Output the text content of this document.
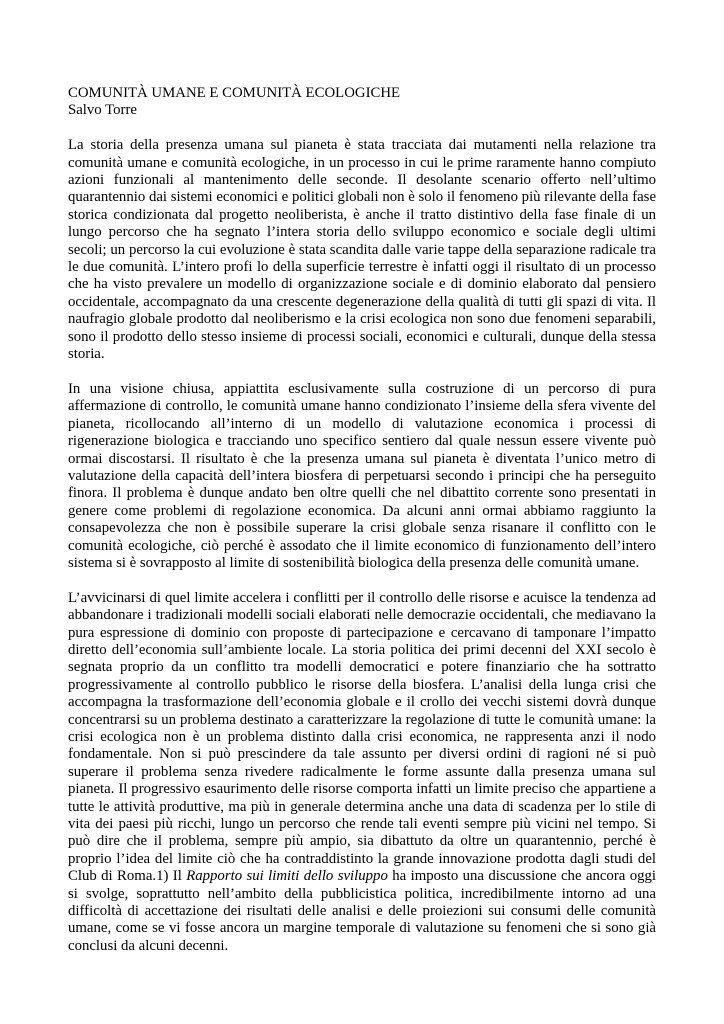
COMUNITÀ UMANE E COMUNITÀ ECOLOGICHE
Salvo Torre

La storia della presenza umana sul pianeta è stata tracciata dai mutamenti nella relazione tra comunità umane e comunità ecologiche, in un processo in cui le prime raramente hanno compiuto azioni funzionali al mantenimento delle seconde. Il desolante scenario offerto nell’ultimo quarantennio dai sistemi economici e politici globali non è solo il fenomeno più rilevante della fase storica condizionata dal progetto neoliberista, è anche il tratto distintivo della fase finale di un lungo percorso che ha segnato l’intera storia dello sviluppo economico e sociale degli ultimi secoli; un percorso la cui evoluzione è stata scandita dalle varie tappe della separazione radicale tra le due comunità. L’intero profi lo della superficie terrestre è infatti oggi il risultato di un processo che ha visto prevalere un modello di organizzazione sociale e di dominio elaborato dal pensiero occidentale, accompagnato da una crescente degenerazione della qualità di tutti gli spazi di vita. Il naufragio globale prodotto dal neoliberismo e la crisi ecologica non sono due fenomeni separabili, sono il prodotto dello stesso insieme di processi sociali, economici e culturali, dunque della stessa storia.

In una visione chiusa, appiattita esclusivamente sulla costruzione di un percorso di pura affermazione di controllo, le comunità umane hanno condizionato l’insieme della sfera vivente del pianeta, ricollocando all’interno di un modello di valutazione economica i processi di rigenerazione biologica e tracciando uno specifico sentiero dal quale nessun essere vivente può ormai discostarsi. Il risultato è che la presenza umana sul pianeta è diventata l’unico metro di valutazione della capacità dell’intera biosfera di perpetuarsi secondo i principi che ha perseguito finora. Il problema è dunque andato ben oltre quelli che nel dibattito corrente sono presentati in genere come problemi di regolazione economica. Da alcuni anni ormai abbiamo raggiunto la consapevolezza che non è possibile superare la crisi globale senza risanare il conflitto con le comunità ecologiche, ciò perché è assodato che il limite economico di funzionamento dell’intero sistema si è sovrapposto al limite di sostenibilità biologica della presenza delle comunità umane.

L’avvicinarsi di quel limite accelera i conflitti per il controllo delle risorse e acuisce la tendenza ad abbandonare i tradizionali modelli sociali elaborati nelle democrazie occidentali, che mediavano la pura espressione di dominio con proposte di partecipazione e cercavano di tamponare l’impatto diretto dell’economia sull’ambiente locale. La storia politica dei primi decenni del XXI secolo è segnata proprio da un conflitto tra modelli democratici e potere finanziario che ha sottratto progressivamente al controllo pubblico le risorse della biosfera. L’analisi della lunga crisi che accompagna la trasformazione dell’economia globale e il crollo dei vecchi sistemi dovrà dunque concentrarsi su un problema destinato a caratterizzare la regolazione di tutte le comunità umane: la crisi ecologica non è un problema distinto dalla crisi economica, ne rappresenta anzi il nodo fondamentale. Non si può prescindere da tale assunto per diversi ordini di ragioni né si può superare il problema senza rivedere radicalmente le forme assunte dalla presenza umana sul pianeta. Il progressivo esaurimento delle risorse comporta infatti un limite preciso che appartiene a tutte le attività produttive, ma più in generale determina anche una data di scadenza per lo stile di vita dei paesi più ricchi, lungo un percorso che rende tali eventi sempre più vicini nel tempo. Si può dire che il problema, sempre più ampio, sia dibattuto da oltre un quarantennio, perché è proprio l’idea del limite ciò che ha contraddistinto la grande innovazione prodotta dagli studi del Club di Roma.1) Il Rapporto sui limiti dello sviluppo ha imposto una discussione che ancora oggi si svolge, soprattutto nell’ambito della pubblicistica politica, incredibilmente intorno ad una difficoltà di accettazione dei risultati delle analisi e delle proiezioni sui consumi delle comunità umane, come se vi fosse ancora un margine temporale di valutazione su fenomeni che si sono già conclusi da alcuni decenni.
